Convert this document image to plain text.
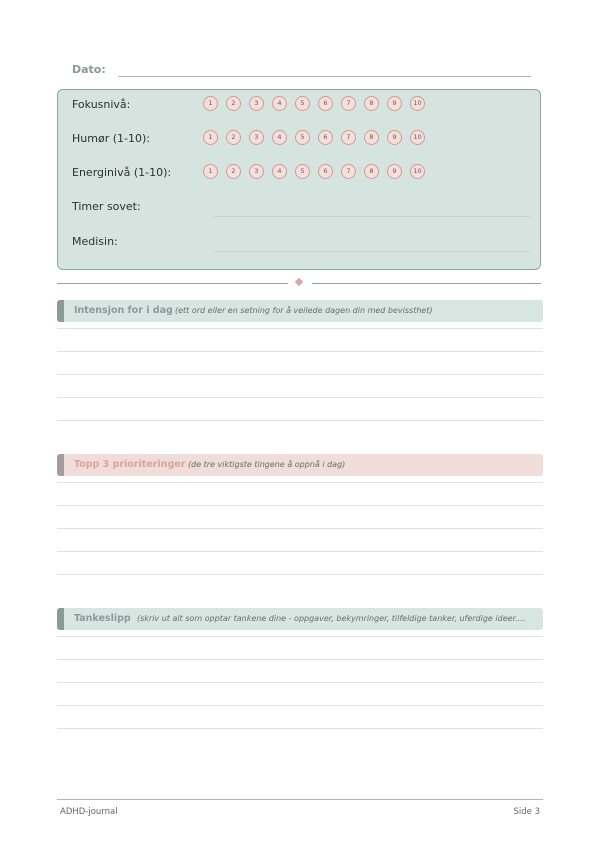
Dato:
Fokusnivå:	1	2	3	4	5	6	7	8	9	10
Humør (1-10):	1	2	3	4	5	6	7	8	9	10
Energinivå (1-10):	1	2	3	4	5	6	7	8	9	10
Timer sovet:
Medisin:
Intensjon for i dag (ett ord eller en setning for å veilede dagen din med bevissthet)
Topp 3 prioriteringer (de tre viktigste tingene å oppnå i dag)
Tankeslipp (skriv ut alt som opptar tankene dine - oppgaver, bekymringer, tilfeldige tanker, uferdige ideer....
ADHD-journal	Side 3
